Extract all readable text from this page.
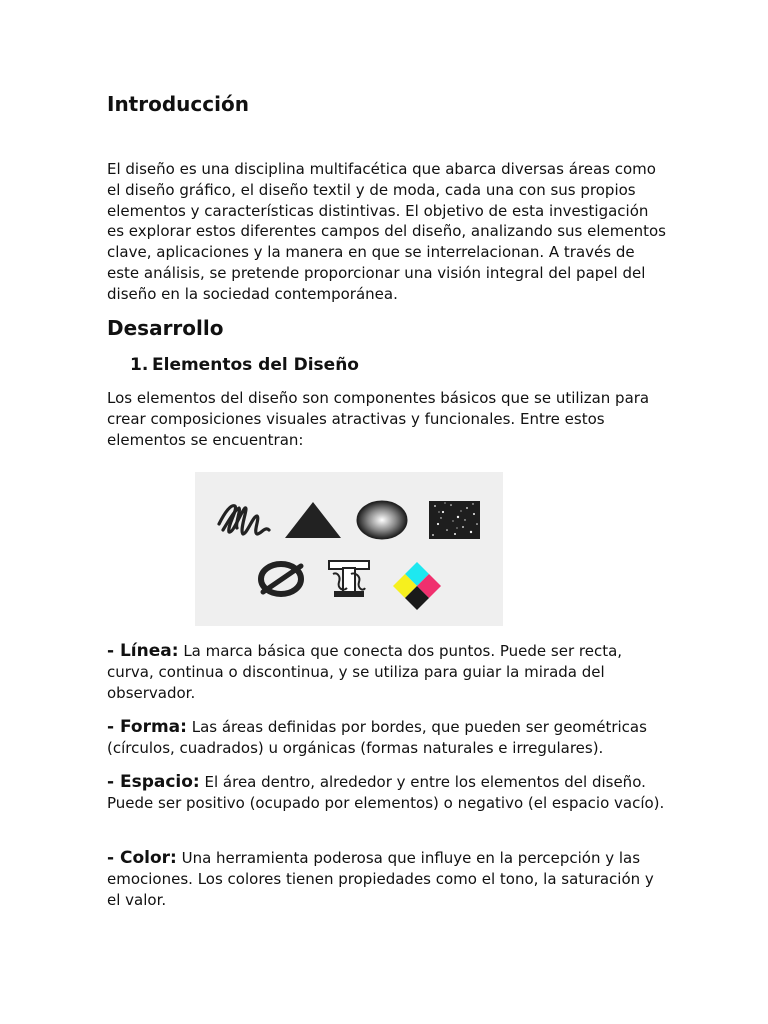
Introducción

El diseño es una disciplina multifacética que abarca diversas áreas como el diseño gráfico, el diseño textil y de moda, cada una con sus propios elementos y características distintivas. El objetivo de esta investigación es explorar estos diferentes campos del diseño, analizando sus elementos clave, aplicaciones y la manera en que se interrelacionan. A través de este análisis, se pretende proporcionar una visión integral del papel del diseño en la sociedad contemporánea.

Desarrollo
1. Elementos del Diseño

Los elementos del diseño son componentes básicos que se utilizan para crear composiciones visuales atractivas y funcionales. Entre estos elementos se encuentran:

- Línea: La marca básica que conecta dos puntos. Puede ser recta, curva, continua o discontinua, y se utiliza para guiar la mirada del observador.

- Forma: Las áreas definidas por bordes, que pueden ser geométricas (círculos, cuadrados) u orgánicas (formas naturales e irregulares).

- Espacio: El área dentro, alrededor y entre los elementos del diseño. Puede ser positivo (ocupado por elementos) o negativo (el espacio vacío).

- Color: Una herramienta poderosa que influye en la percepción y las emociones. Los colores tienen propiedades como el tono, la saturación y el valor.
